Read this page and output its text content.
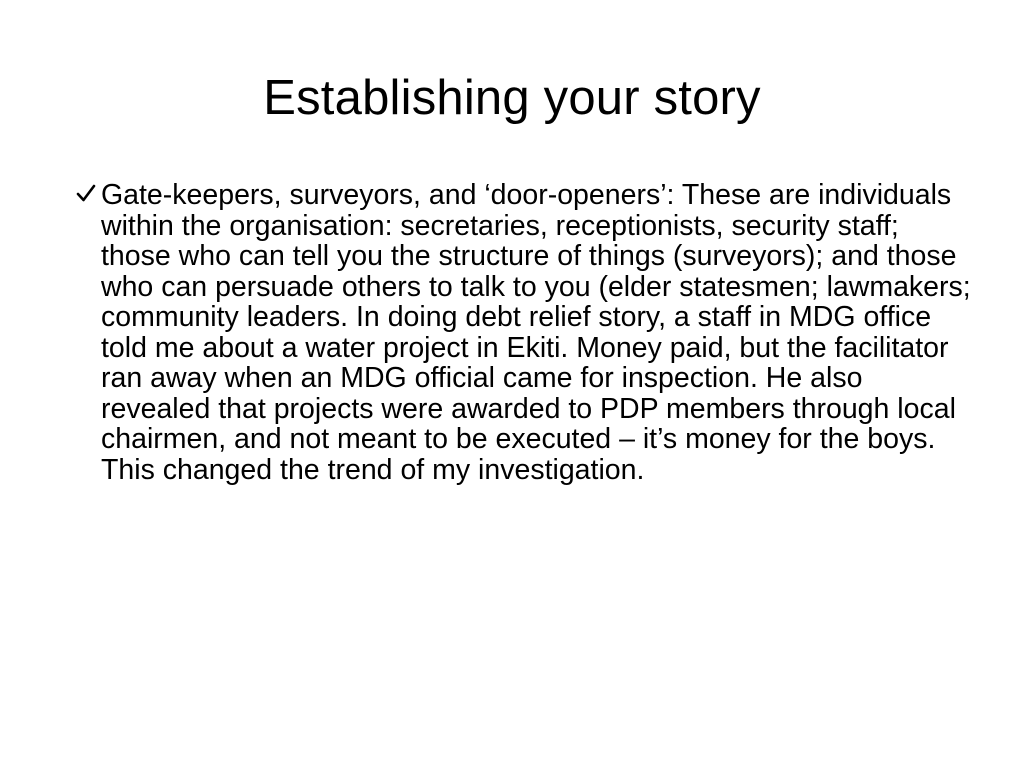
Establishing your story

Gate-keepers, surveyors, and ‘door-openers’: These are individuals within the organisation: secretaries, receptionists, security staff; those who can tell you the structure of things (surveyors); and those who can persuade others to talk to you (elder statesmen; lawmakers; community leaders. In doing debt relief story, a staff in MDG office told me about a water project in Ekiti. Money paid, but the facilitator ran away when an MDG official came for inspection. He also revealed that projects were awarded to PDP members through local chairmen, and not meant to be executed – it’s money for the boys. This changed the trend of my investigation.
